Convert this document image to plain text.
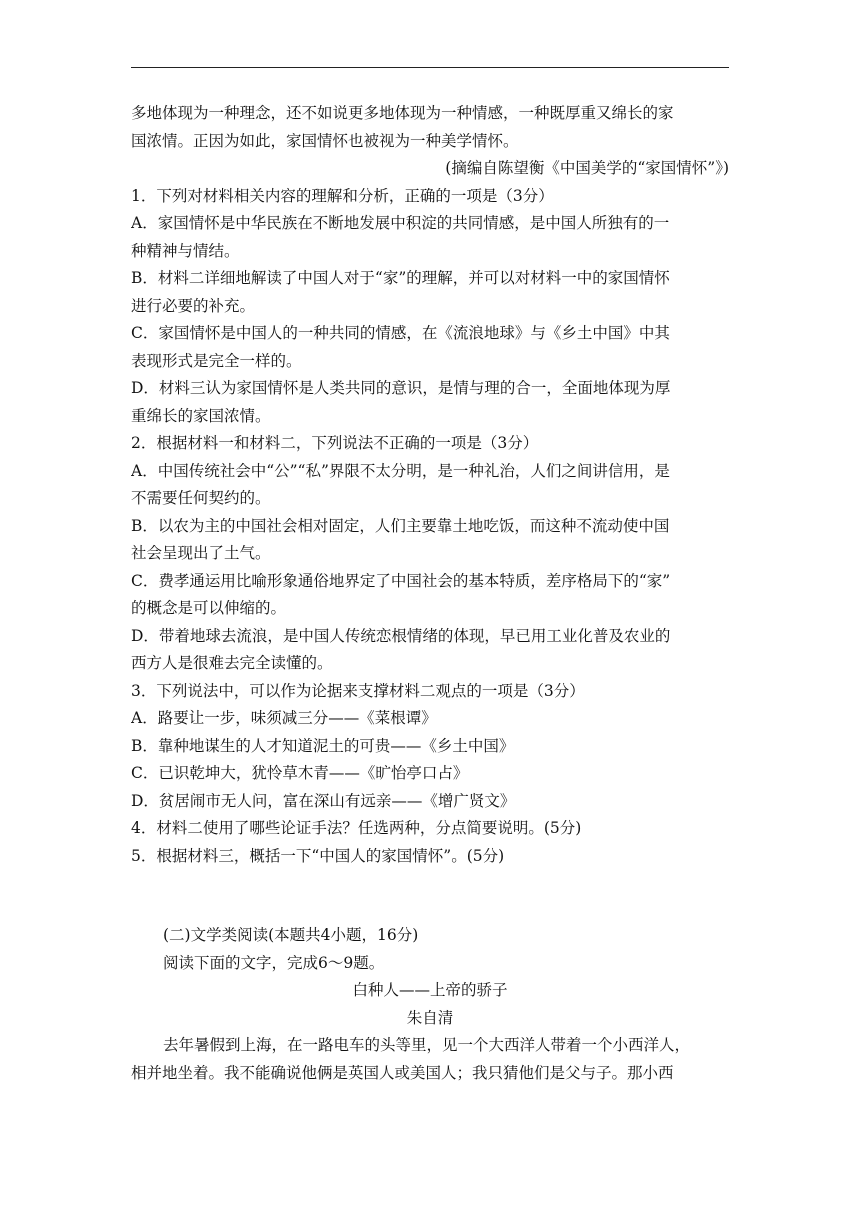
多地体现为一种理念，还不如说更多地体现为一种情感，一种既厚重又绵长的家
国浓情。正因为如此，家国情怀也被视为一种美学情怀。
(摘编自陈望衡《中国美学的“家国情怀”》)
1．下列对材料相关内容的理解和分析，正确的一项是（3分）
A．家国情怀是中华民族在不断地发展中积淀的共同情感，是中国人所独有的一
种精神与情结。
B．材料二详细地解读了中国人对于“家”的理解，并可以对材料一中的家国情怀
进行必要的补充。
C．家国情怀是中国人的一种共同的情感，在《流浪地球》与《乡土中国》中其
表现形式是完全一样的。
D．材料三认为家国情怀是人类共同的意识，是情与理的合一，全面地体现为厚
重绵长的家国浓情。
2．根据材料一和材料二，下列说法不正确的一项是（3分）
A．中国传统社会中“公”“私”界限不太分明，是一种礼治，人们之间讲信用，是
不需要任何契约的。
B．以农为主的中国社会相对固定，人们主要靠土地吃饭，而这种不流动使中国
社会呈现出了土气。
C．费孝通运用比喻形象通俗地界定了中国社会的基本特质，差序格局下的“家”
的概念是可以伸缩的。
D．带着地球去流浪，是中国人传统恋根情绪的体现，早已用工业化普及农业的
西方人是很难去完全读懂的。
3．下列说法中，可以作为论据来支撑材料二观点的一项是（3分）
A．路要让一步，味须减三分——《菜根谭》
B．靠种地谋生的人才知道泥土的可贵——《乡土中国》
C．已识乾坤大，犹怜草木青——《旷怡亭口占》
D．贫居闹市无人问，富在深山有远亲——《增广贤文》
4．材料二使用了哪些论证手法？任选两种，分点简要说明。(5分)
5．根据材料三，概括一下“中国人的家国情怀”。(5分)
(二)文学类阅读(本题共4小题，16分)
阅读下面的文字，完成6～9题。
白种人——上帝的骄子
朱自清
去年暑假到上海，在一路电车的头等里，见一个大西洋人带着一个小西洋人，
相并地坐着。我不能确说他俩是英国人或美国人；我只猜他们是父与子。那小西
